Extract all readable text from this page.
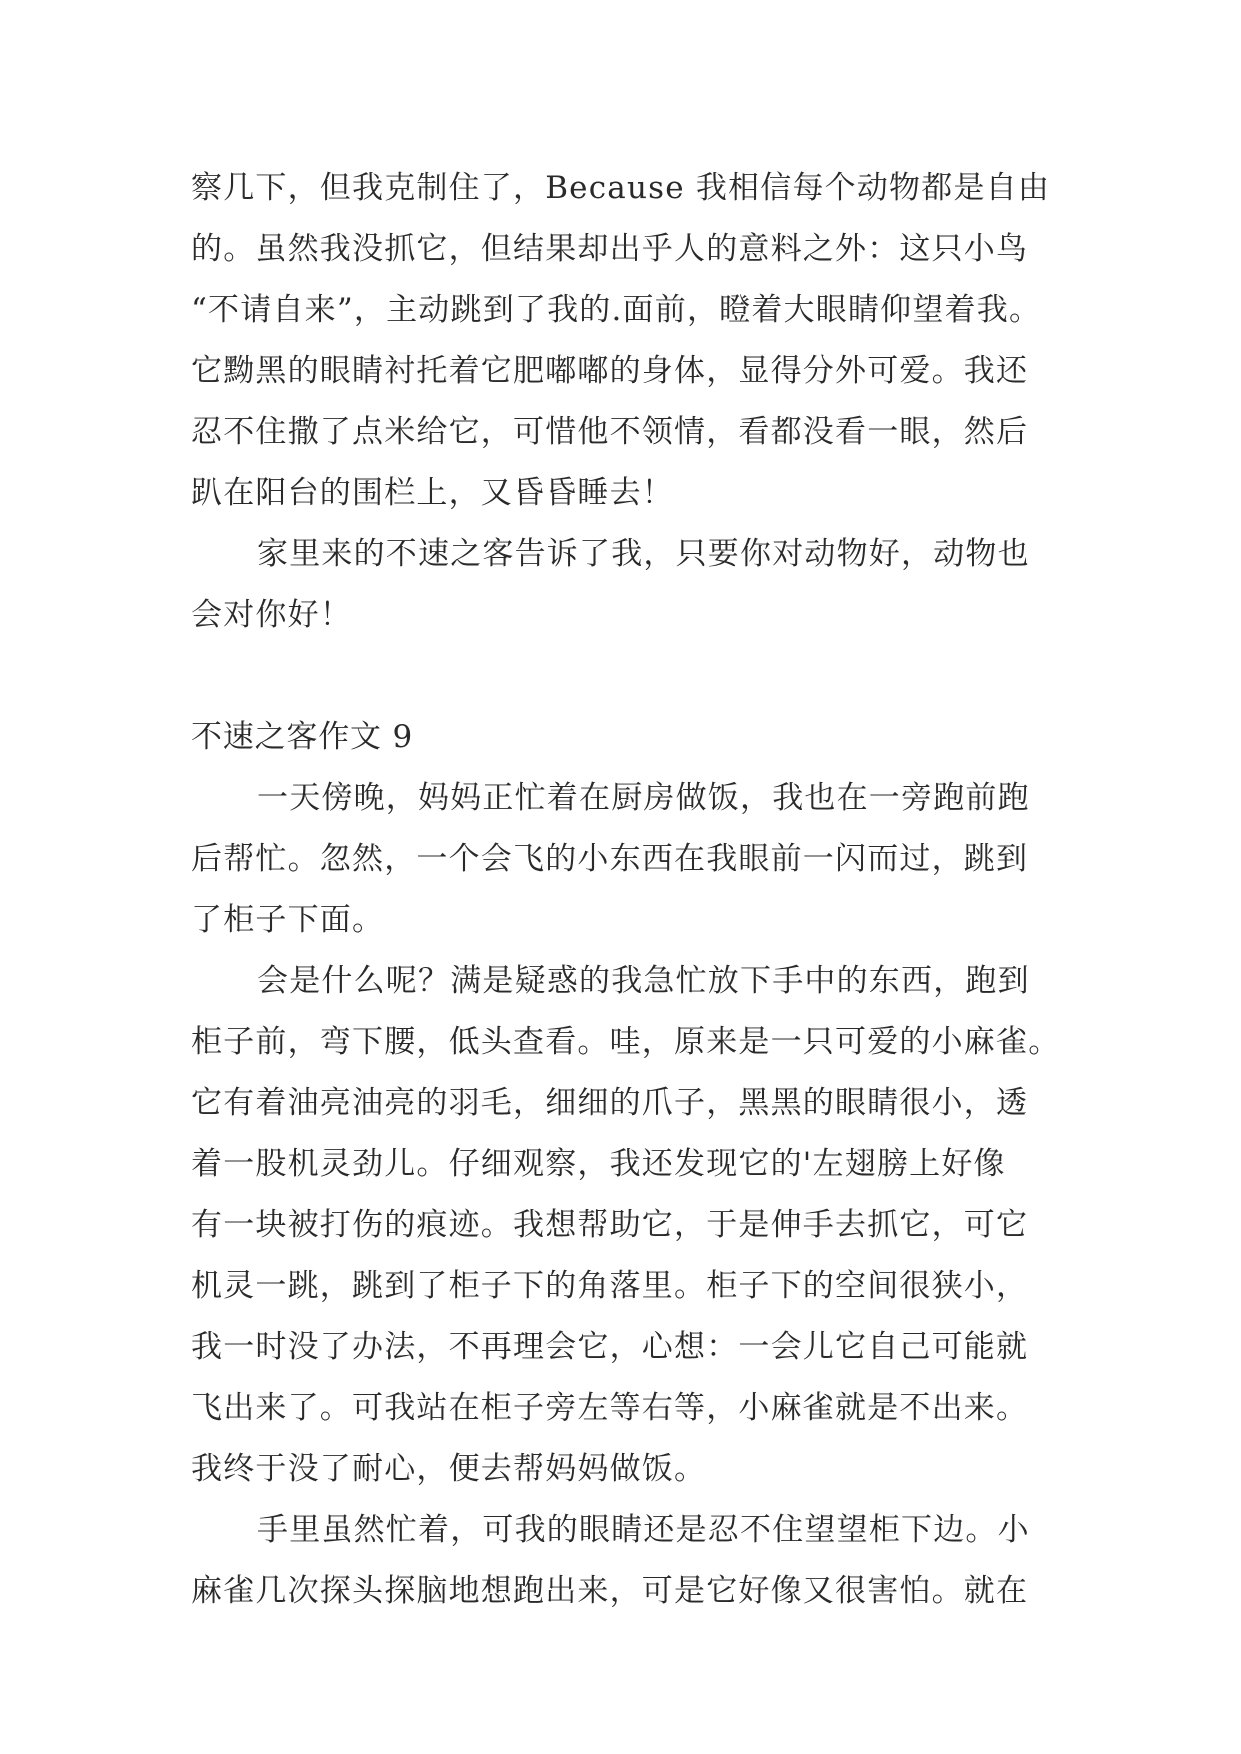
察几下，但我克制住了，Because 我相信每个动物都是自由
的。虽然我没抓它，但结果却出乎人的意料之外：这只小鸟
“不请自来”，主动跳到了我的.面前，瞪着大眼睛仰望着我。
它黝黑的眼睛衬托着它肥嘟嘟的身体，显得分外可爱。我还
忍不住撒了点米给它，可惜他不领情，看都没看一眼，然后
趴在阳台的围栏上，又昏昏睡去！
家里来的不速之客告诉了我，只要你对动物好，动物也
会对你好！
不速之客作文 9
一天傍晚，妈妈正忙着在厨房做饭，我也在一旁跑前跑
后帮忙。忽然，一个会飞的小东西在我眼前一闪而过，跳到
了柜子下面。
会是什么呢？满是疑惑的我急忙放下手中的东西，跑到
柜子前，弯下腰，低头查看。哇，原来是一只可爱的小麻雀。
它有着油亮油亮的羽毛，细细的爪子，黑黑的眼睛很小，透
着一股机灵劲儿。仔细观察，我还发现它的'左翅膀上好像
有一块被打伤的痕迹。我想帮助它，于是伸手去抓它，可它
机灵一跳，跳到了柜子下的角落里。柜子下的空间很狭小，
我一时没了办法，不再理会它，心想：一会儿它自己可能就
飞出来了。可我站在柜子旁左等右等，小麻雀就是不出来。
我终于没了耐心，便去帮妈妈做饭。
手里虽然忙着，可我的眼睛还是忍不住望望柜下边。小
麻雀几次探头探脑地想跑出来，可是它好像又很害怕。就在
